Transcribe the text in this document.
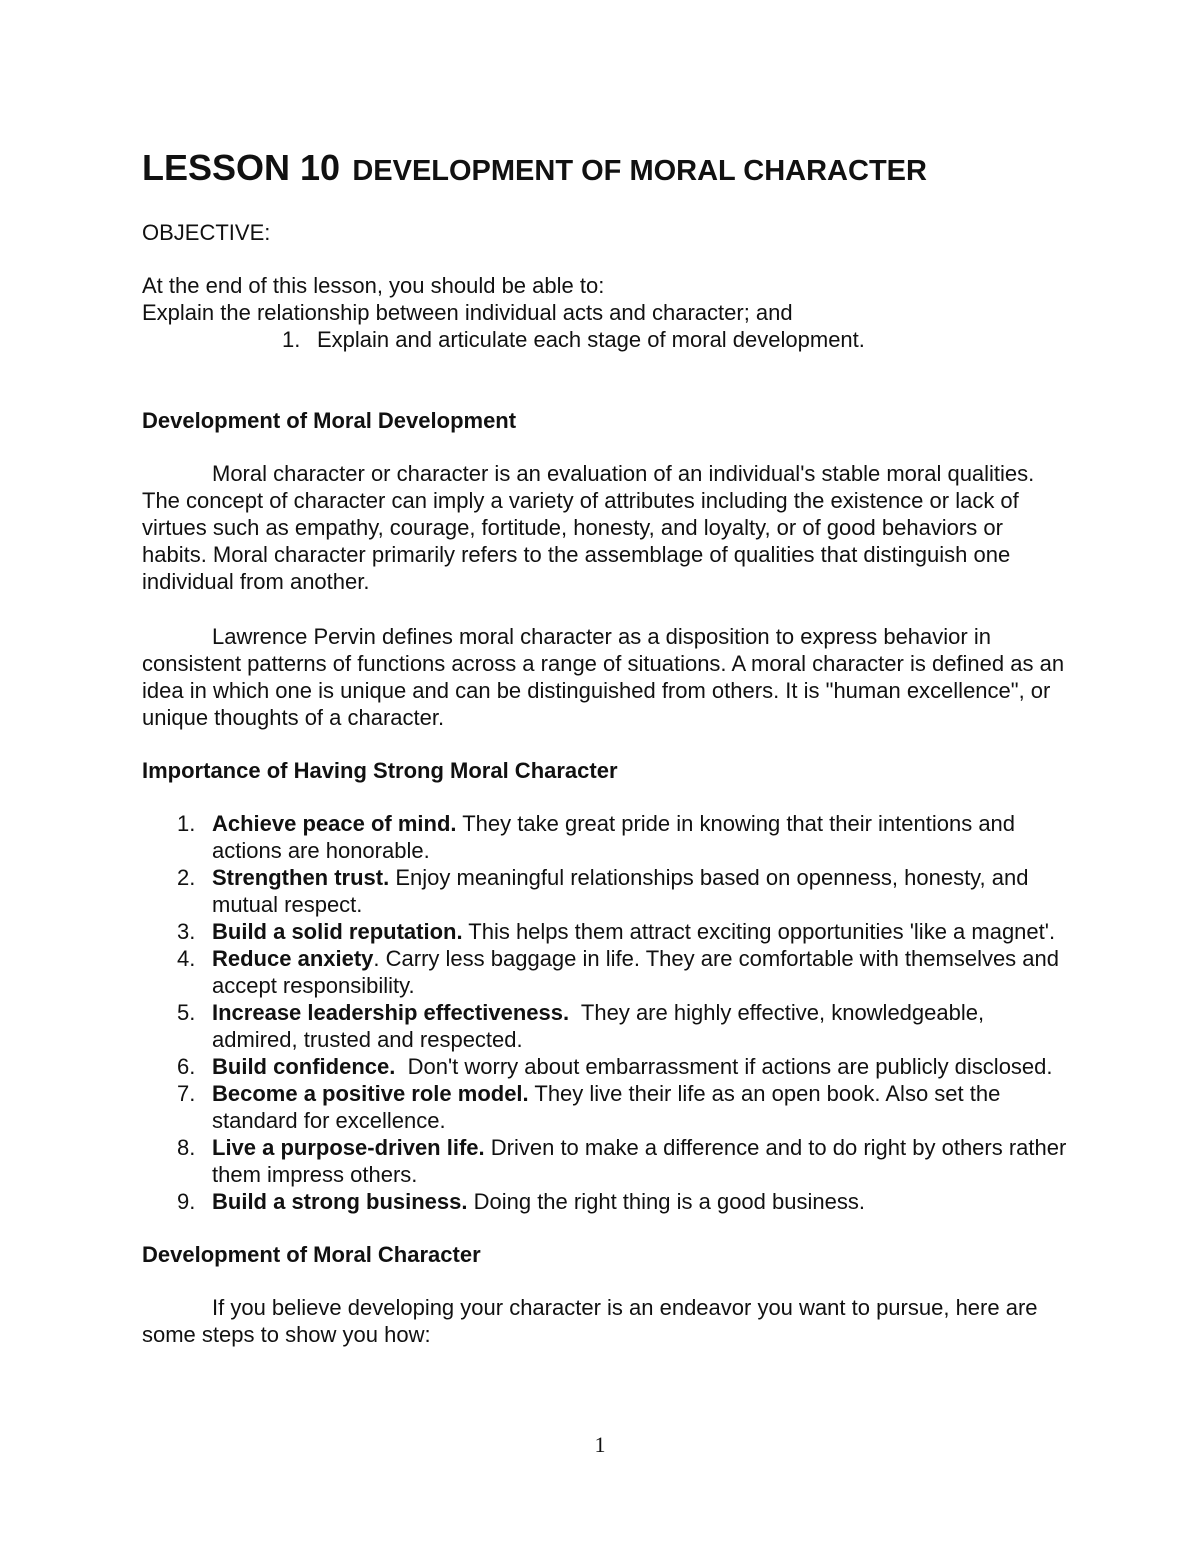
LESSON 10 DEVELOPMENT OF MORAL CHARACTER

OBJECTIVE:

At the end of this lesson, you should be able to:

Explain the relationship between individual acts and character; and

1. Explain and articulate each stage of moral development.
Development of Moral Development

Moral character or character is an evaluation of an individual's stable moral qualities. The concept of character can imply a variety of attributes including the existence or lack of virtues such as empathy, courage, fortitude, honesty, and loyalty, or of good behaviors or habits. Moral character primarily refers to the assemblage of qualities that distinguish one individual from another.

Lawrence Pervin defines moral character as a disposition to express behavior in consistent patterns of functions across a range of situations. A moral character is defined as an idea in which one is unique and can be distinguished from others. It is "human excellence", or unique thoughts of a character.

Importance of Having Strong Moral Character
1. Achieve peace of mind. They take great pride in knowing that their intentions and actions are honorable.
2. Strengthen trust. Enjoy meaningful relationships based on openness, honesty, and mutual respect.
3. Build a solid reputation. This helps them attract exciting opportunities 'like a magnet'.
4. Reduce anxiety. Carry less baggage in life. They are comfortable with themselves and accept responsibility.
5. Increase leadership effectiveness.  They are highly effective, knowledgeable, admired, trusted and respected.
6. Build confidence.  Don't worry about embarrassment if actions are publicly disclosed.
7. Become a positive role model. They live their life as an open book. Also set the standard for excellence.
8. Live a purpose-driven life. Driven to make a difference and to do right by others rather them impress others.
9. Build a strong business. Doing the right thing is a good business.
Development of Moral Character

If you believe developing your character is an endeavor you want to pursue, here are some steps to show you how:

1
